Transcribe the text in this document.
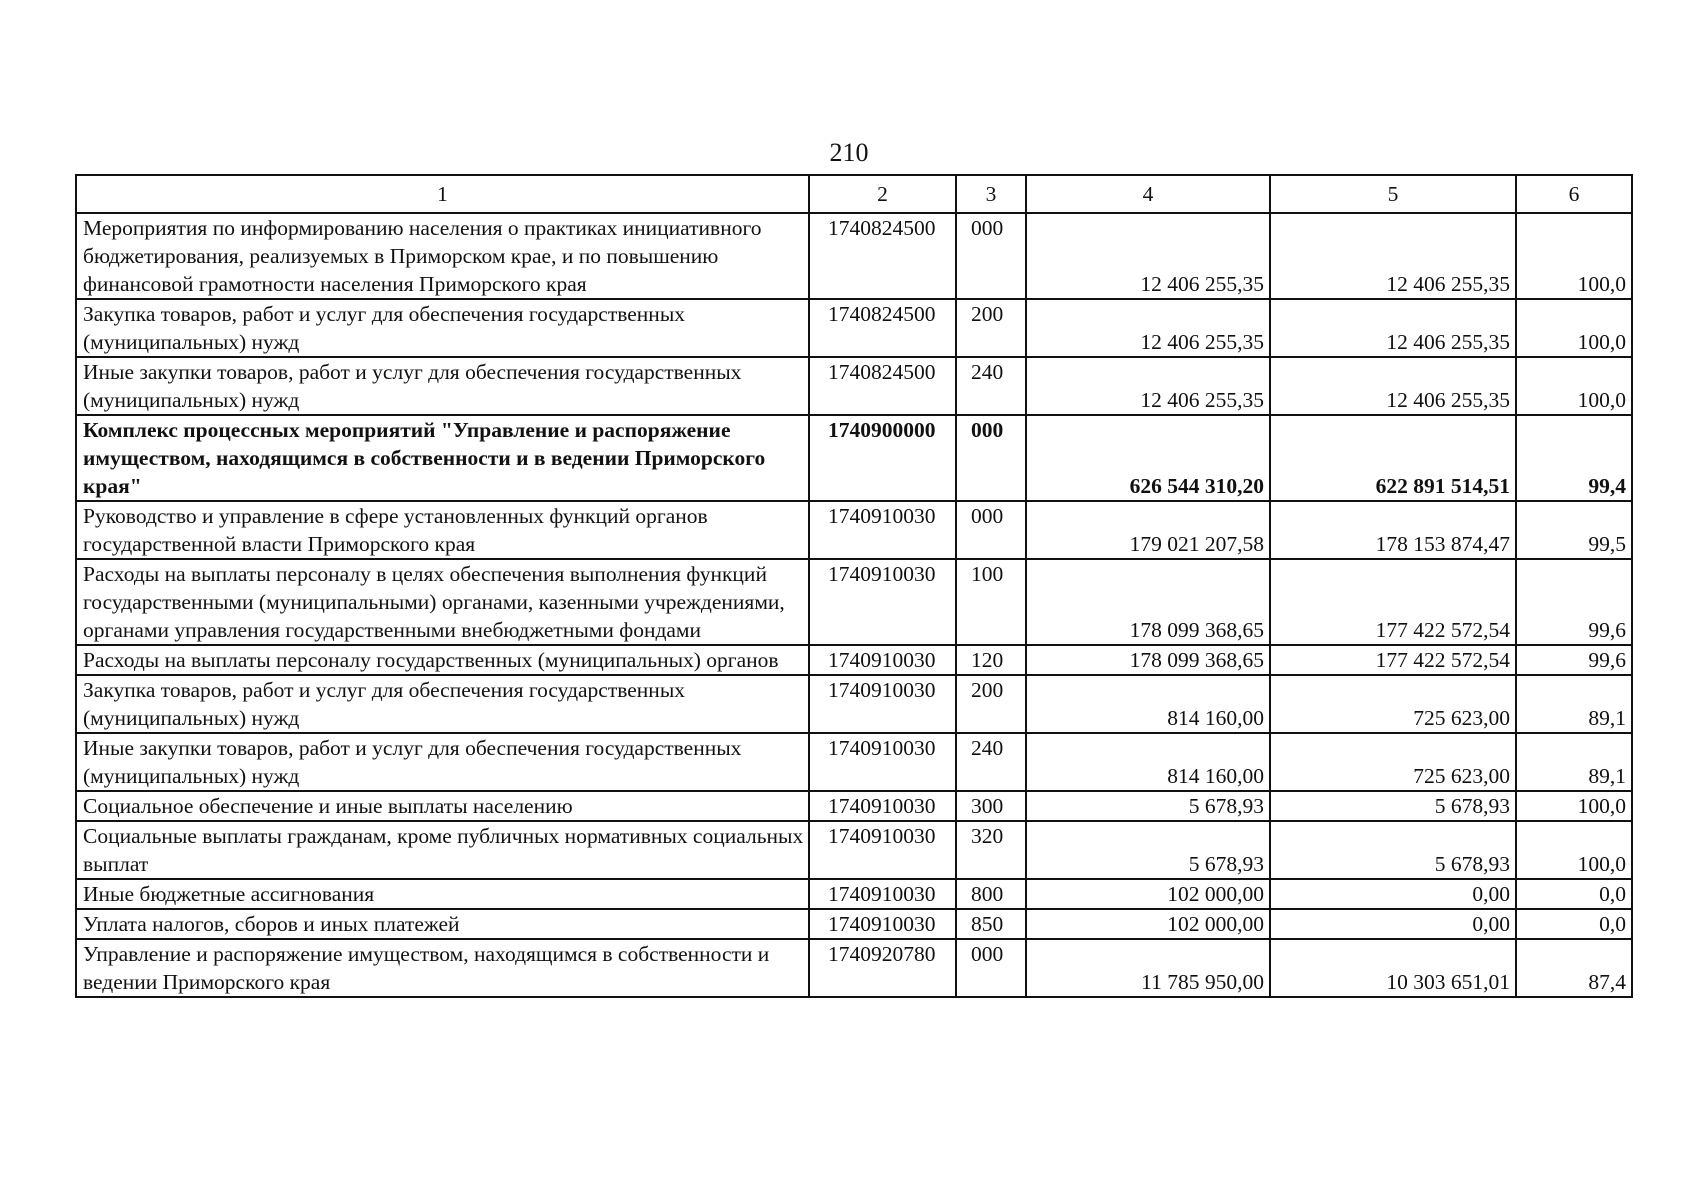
210
1	2	3	4	5	6
Мероприятия по информированию населения о практиках инициативного бюджетирования, реализуемых в Приморском крае, и по повышению финансовой грамотности населения Приморского края	1740824500	000	12 406 255,35	12 406 255,35	100,0
Закупка товаров, работ и услуг для обеспечения государственных (муниципальных) нужд	1740824500	200	12 406 255,35	12 406 255,35	100,0
Иные закупки товаров, работ и услуг для обеспечения государственных (муниципальных) нужд	1740824500	240	12 406 255,35	12 406 255,35	100,0
Комплекс процессных мероприятий "Управление и распоряжение имуществом, находящимся в собственности и в ведении Приморского края"	1740900000	000	626 544 310,20	622 891 514,51	99,4
Руководство и управление в сфере установленных функций органов государственной власти Приморского края	1740910030	000	179 021 207,58	178 153 874,47	99,5
Расходы на выплаты персоналу в целях обеспечения выполнения функций государственными (муниципальными) органами, казенными учреждениями, органами управления государственными внебюджетными фондами	1740910030	100	178 099 368,65	177 422 572,54	99,6
Расходы на выплаты персоналу государственных (муниципальных) органов	1740910030	120	178 099 368,65	177 422 572,54	99,6
Закупка товаров, работ и услуг для обеспечения государственных (муниципальных) нужд	1740910030	200	814 160,00	725 623,00	89,1
Иные закупки товаров, работ и услуг для обеспечения государственных (муниципальных) нужд	1740910030	240	814 160,00	725 623,00	89,1
Социальное обеспечение и иные выплаты населению	1740910030	300	5 678,93	5 678,93	100,0
Социальные выплаты гражданам, кроме публичных нормативных социальных выплат	1740910030	320	5 678,93	5 678,93	100,0
Иные бюджетные ассигнования	1740910030	800	102 000,00	0,00	0,0
Уплата налогов, сборов и иных платежей	1740910030	850	102 000,00	0,00	0,0
Управление и распоряжение имуществом, находящимся в собственности и ведении Приморского края	1740920780	000	11 785 950,00	10 303 651,01	87,4
